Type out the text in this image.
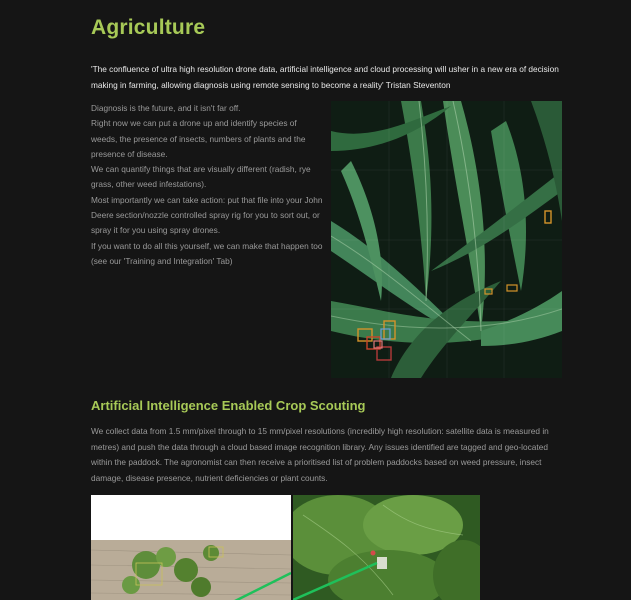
Agriculture

'The confluence of ultra high resolution drone data, artificial intelligence and cloud processing will usher in a new era of decision making in farming, allowing diagnosis using remote sensing to become a reality' Tristan Steventon

Diagnosis is the future, and it isn't far off.

Right now we can put a drone up and identify species of weeds, the presence of insects, numbers of plants and the presence of disease.

We can quantify things that are visually different (radish, rye grass, other weed infestations).

Most importantly we can take action: put that file into your John Deere section/nozzle controlled spray rig for you to sort out, or spray it for you using spray drones.

If you want to do all this yourself, we can make that happen too (see our 'Training and Integration' Tab)

Artificial Intelligence Enabled Crop Scouting

We collect data from 1.5 mm/pixel through to 15 mm/pixel resolutions (incredibly high resolution: satellite data is measured in metres) and push the data through a cloud based image recognition library. Any issues identified are tagged and geo-located within the paddock. The agronomist can then receive a prioritised list of problem paddocks based on weed pressure, insect damage, disease presence, nutrient deficiencies or plant counts.
